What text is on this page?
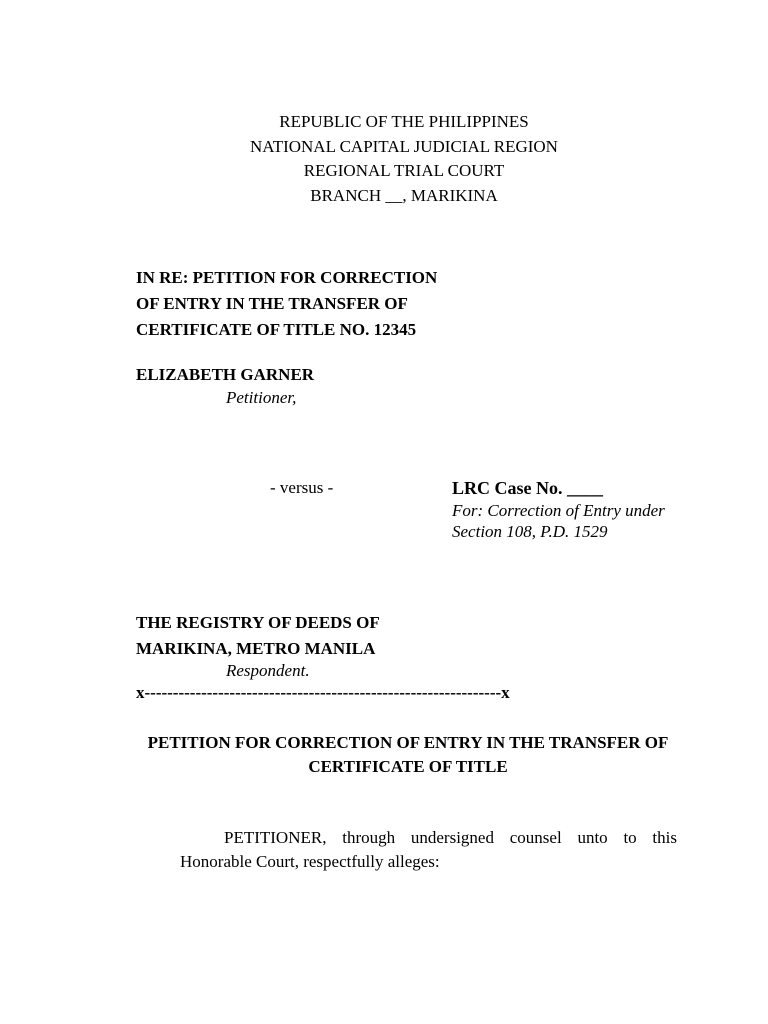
REPUBLIC OF THE PHILIPPINES
NATIONAL CAPITAL JUDICIAL REGION
REGIONAL TRIAL COURT
BRANCH __, MARIKINA
IN RE: PETITION FOR CORRECTION
OF ENTRY IN THE TRANSFER OF
CERTIFICATE OF TITLE NO. 12345
ELIZABETH GARNER
Petitioner,
- versus -	LRC Case No. ____
For: Correction of Entry under
Section 108, P.D. 1529
THE REGISTRY OF DEEDS OF
MARIKINA, METRO MANILA
Respondent.
x---------------------------------------------------------------x
PETITION FOR CORRECTION OF ENTRY IN THE TRANSFER OF
CERTIFICATE OF TITLE
PETITIONER, through undersigned counsel unto to this
Honorable Court, respectfully alleges:
